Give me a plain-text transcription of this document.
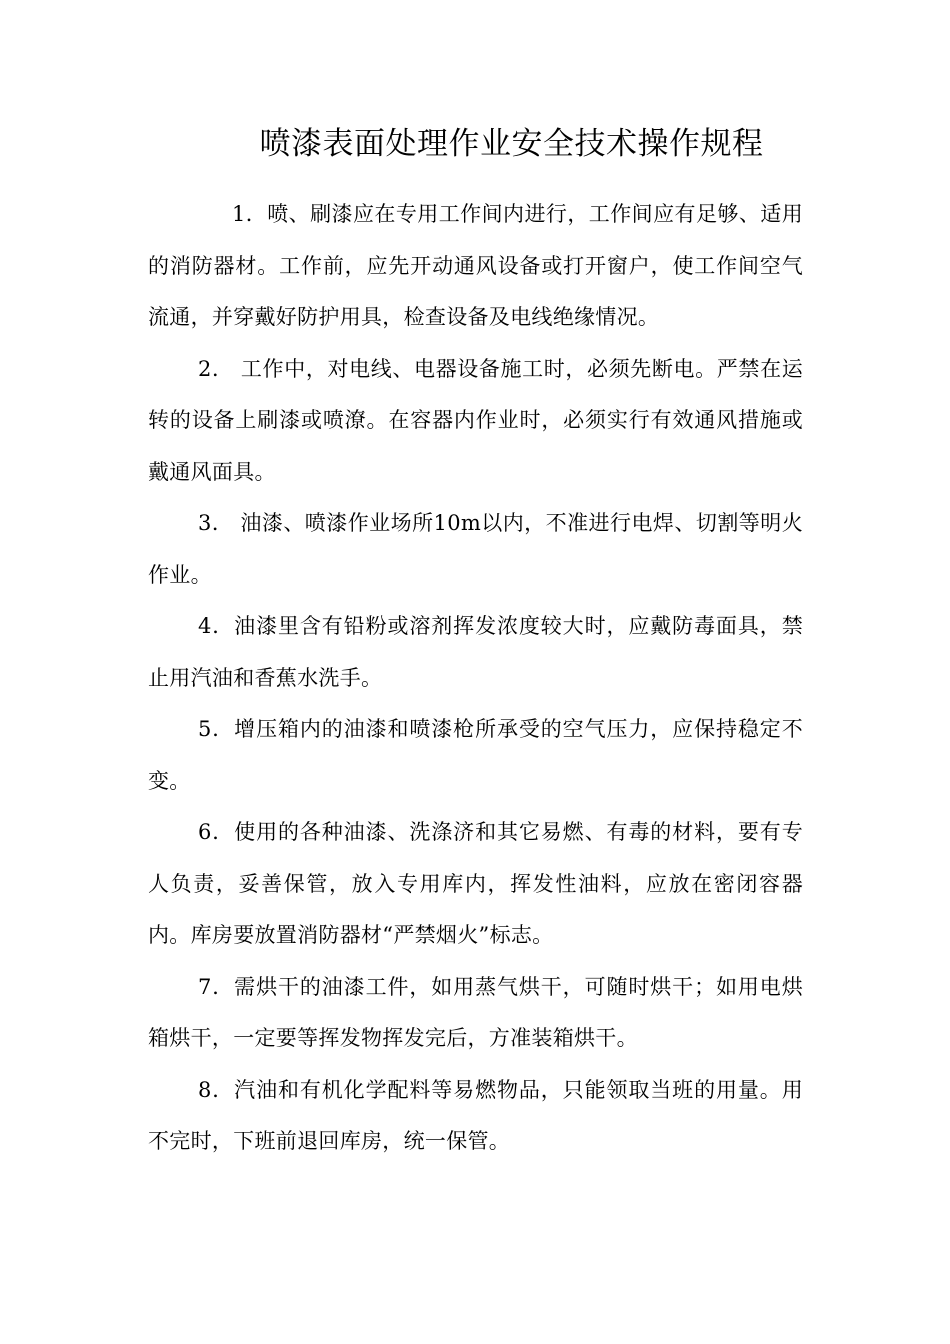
喷漆表面处理作业安全技术操作规程

1．喷、刷漆应在专用工作间内进行，工作间应有足够、适用的消防器材。工作前，应先开动通风设备或打开窗户，使工作间空气流通，并穿戴好防护用具，检查设备及电线绝缘情况。

2． 工作中，对电线、电器设备施工时，必须先断电。严禁在运转的设备上刷漆或喷潦。在容器内作业时，必须实行有效通风措施或戴通风面具。

3． 油漆、喷漆作业场所10m以内，不准进行电焊、切割等明火作业。

4．油漆里含有铅粉或溶剂挥发浓度较大时，应戴防毒面具，禁止用汽油和香蕉水洗手。

5．增压箱内的油漆和喷漆枪所承受的空气压力，应保持稳定不变。

6．使用的各种油漆、洗涤济和其它易燃、有毒的材料，要有专人负责，妥善保管，放入专用库内，挥发性油料，应放在密闭容器内。库房要放置消防器材“严禁烟火”标志。

7．需烘干的油漆工件，如用蒸气烘干，可随时烘干；如用电烘箱烘干，一定要等挥发物挥发完后，方准装箱烘干。

8．汽油和有机化学配料等易燃物品，只能领取当班的用量。用不完时，下班前退回库房，统一保管。
